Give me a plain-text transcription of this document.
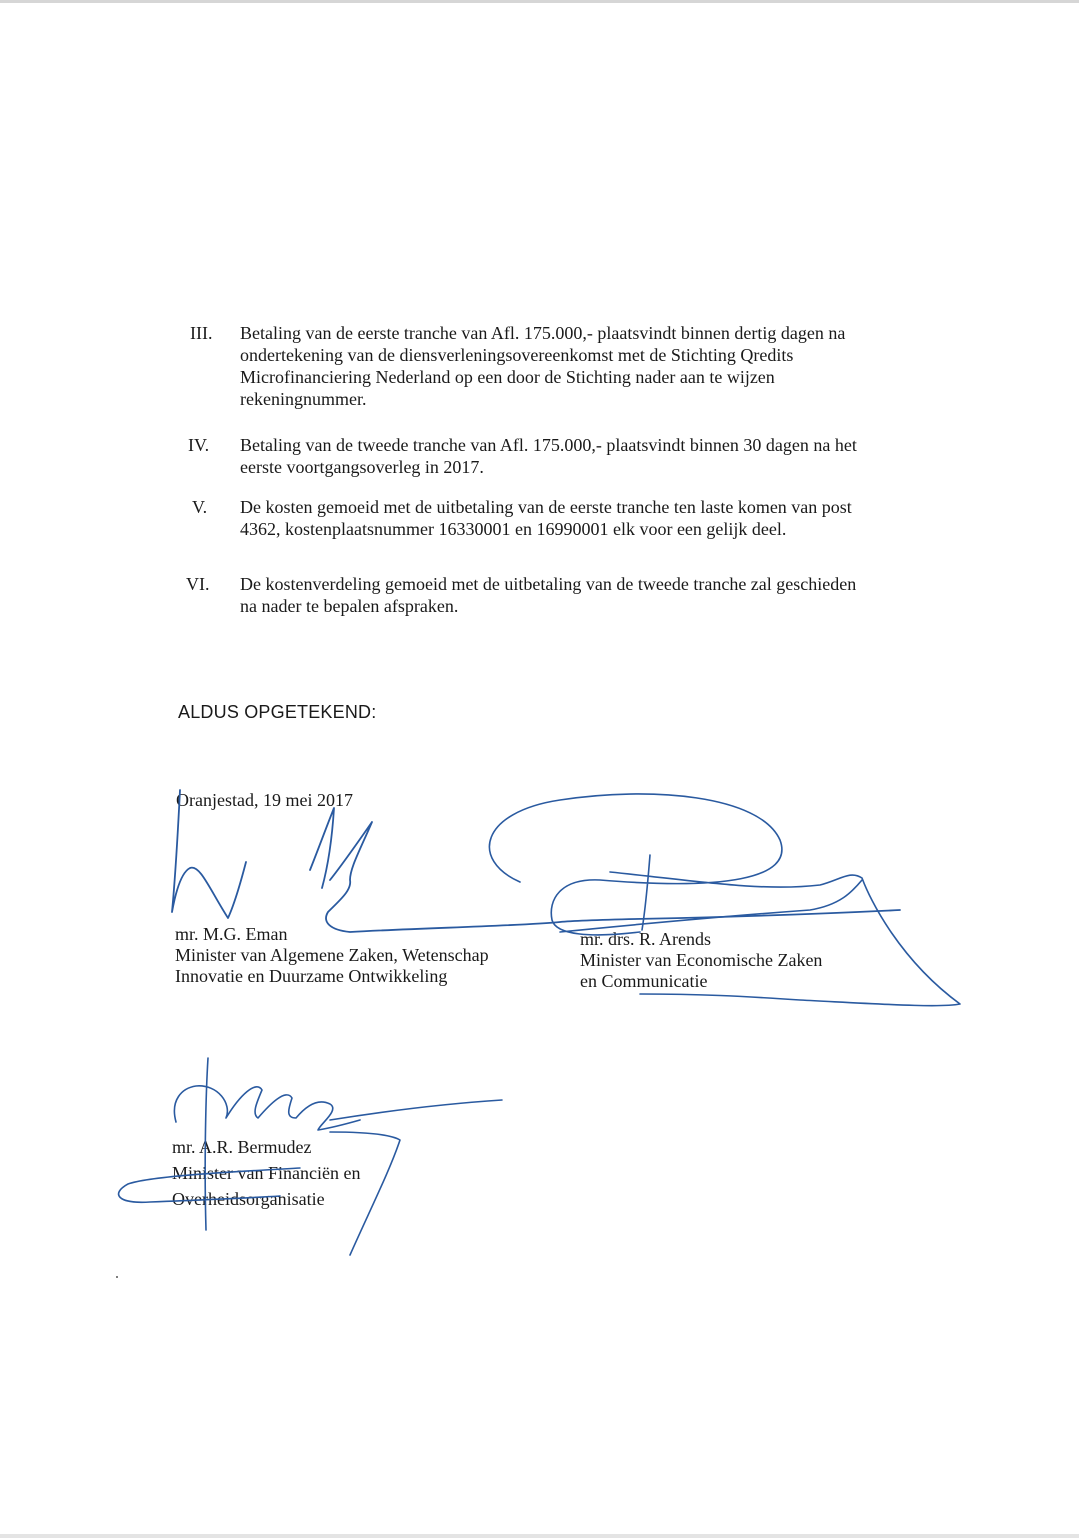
III.	Betaling van de eerste tranche van Afl. 175.000,- plaatsvindt binnen dertig dagen na
ondertekening van de diensverleningsovereenkomst met de Stichting Qredits
Microfinanciering Nederland op een door de Stichting nader aan te wijzen
rekeningnummer.
IV.	Betaling van de tweede tranche van Afl. 175.000,- plaatsvindt binnen 30 dagen na het
eerste voortgangsoverleg in 2017.
V.	De kosten gemoeid met de uitbetaling van de eerste tranche ten laste komen van post
4362, kostenplaatsnummer 16330001 en 16990001 elk voor een gelijk deel.
VI.	De kostenverdeling gemoeid met de uitbetaling van de tweede tranche zal geschieden
na nader te bepalen afspraken.
ALDUS OPGETEKEND:
Oranjestad, 19 mei 2017
mr. M.G. Eman
Minister van Algemene Zaken, Wetenschap
Innovatie en Duurzame Ontwikkeling
mr. drs. R. Arends
Minister van Economische Zaken
en Communicatie
mr. A.R. Bermudez
Minister van Financiën en
Overheidsorganisatie
